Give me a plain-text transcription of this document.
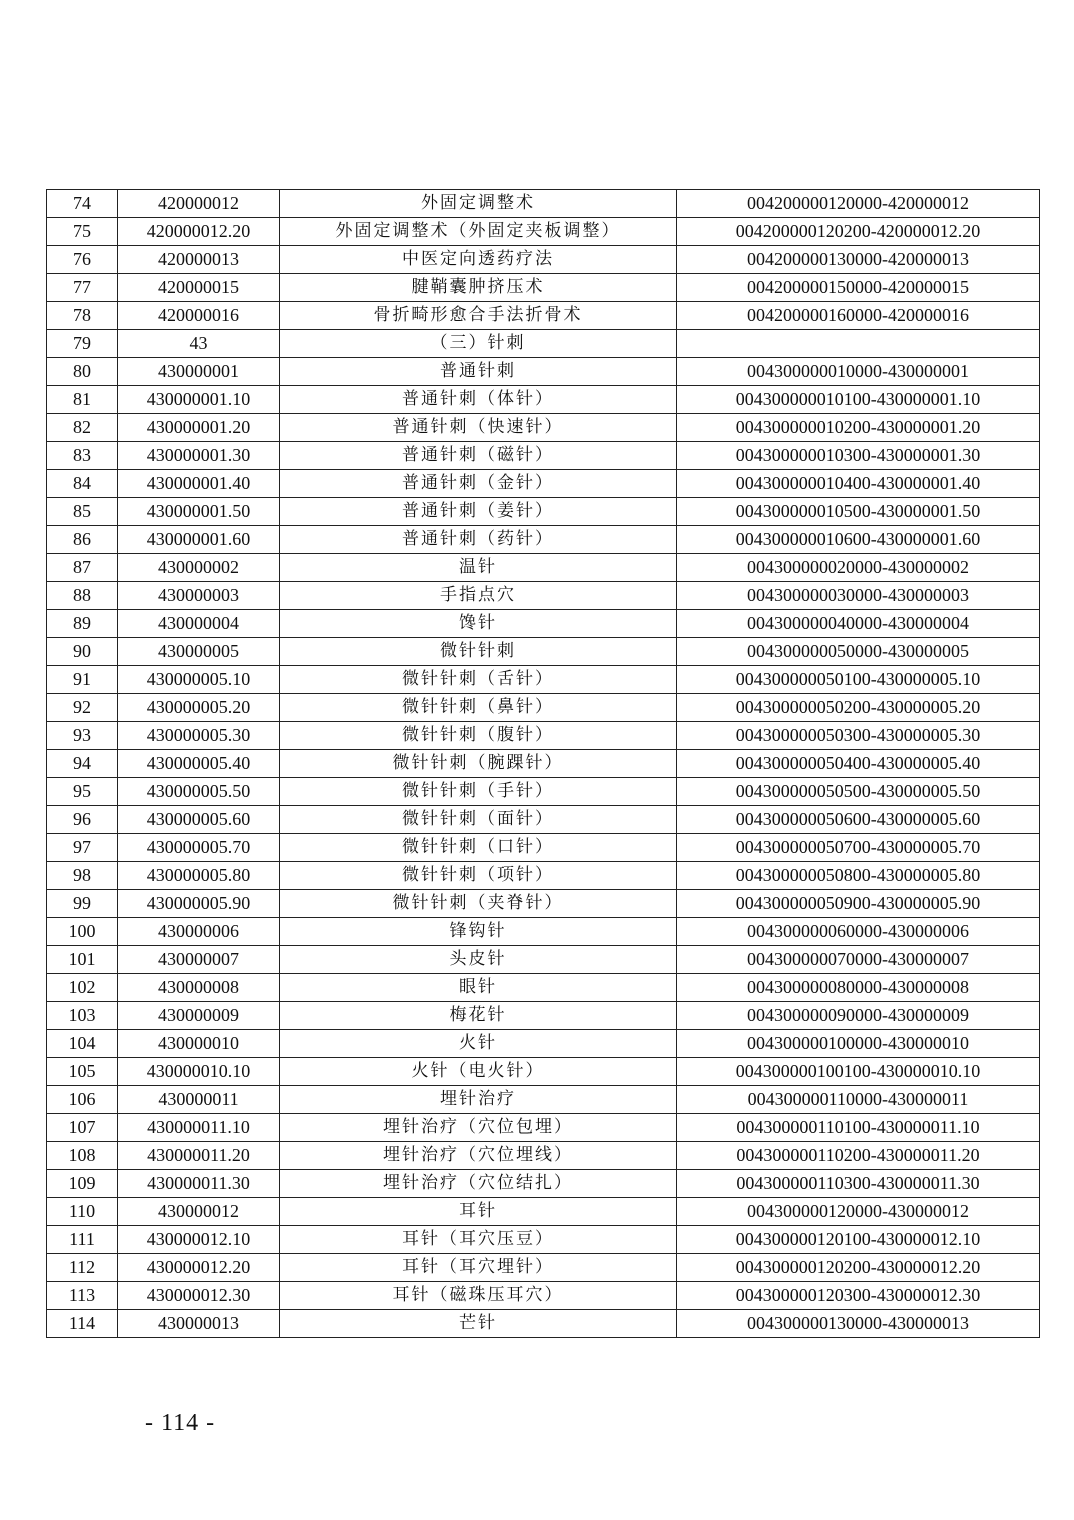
74	420000012	外固定调整术	004200000120000-420000012
75	420000012.20	外固定调整术（外固定夹板调整）	004200000120200-420000012.20
76	420000013	中医定向透药疗法	004200000130000-420000013
77	420000015	腱鞘囊肿挤压术	004200000150000-420000015
78	420000016	骨折畸形愈合手法折骨术	004200000160000-420000016
79	43	（三）针刺	
80	430000001	普通针刺	004300000010000-430000001
81	430000001.10	普通针刺（体针）	004300000010100-430000001.10
82	430000001.20	普通针刺（快速针）	004300000010200-430000001.20
83	430000001.30	普通针刺（磁针）	004300000010300-430000001.30
84	430000001.40	普通针刺（金针）	004300000010400-430000001.40
85	430000001.50	普通针刺（姜针）	004300000010500-430000001.50
86	430000001.60	普通针刺（药针）	004300000010600-430000001.60
87	430000002	温针	004300000020000-430000002
88	430000003	手指点穴	004300000030000-430000003
89	430000004	馋针	004300000040000-430000004
90	430000005	微针针刺	004300000050000-430000005
91	430000005.10	微针针刺（舌针）	004300000050100-430000005.10
92	430000005.20	微针针刺（鼻针）	004300000050200-430000005.20
93	430000005.30	微针针刺（腹针）	004300000050300-430000005.30
94	430000005.40	微针针刺（腕踝针）	004300000050400-430000005.40
95	430000005.50	微针针刺（手针）	004300000050500-430000005.50
96	430000005.60	微针针刺（面针）	004300000050600-430000005.60
97	430000005.70	微针针刺（口针）	004300000050700-430000005.70
98	430000005.80	微针针刺（项针）	004300000050800-430000005.80
99	430000005.90	微针针刺（夹脊针）	004300000050900-430000005.90
100	430000006	锋钩针	004300000060000-430000006
101	430000007	头皮针	004300000070000-430000007
102	430000008	眼针	004300000080000-430000008
103	430000009	梅花针	004300000090000-430000009
104	430000010	火针	004300000100000-430000010
105	430000010.10	火针（电火针）	004300000100100-430000010.10
106	430000011	埋针治疗	004300000110000-430000011
107	430000011.10	埋针治疗（穴位包埋）	004300000110100-430000011.10
108	430000011.20	埋针治疗（穴位埋线）	004300000110200-430000011.20
109	430000011.30	埋针治疗（穴位结扎）	004300000110300-430000011.30
110	430000012	耳针	004300000120000-430000012
111	430000012.10	耳针（耳穴压豆）	004300000120100-430000012.10
112	430000012.20	耳针（耳穴埋针）	004300000120200-430000012.20
113	430000012.30	耳针（磁珠压耳穴）	004300000120300-430000012.30
114	430000013	芒针	004300000130000-430000013
- 114 -
